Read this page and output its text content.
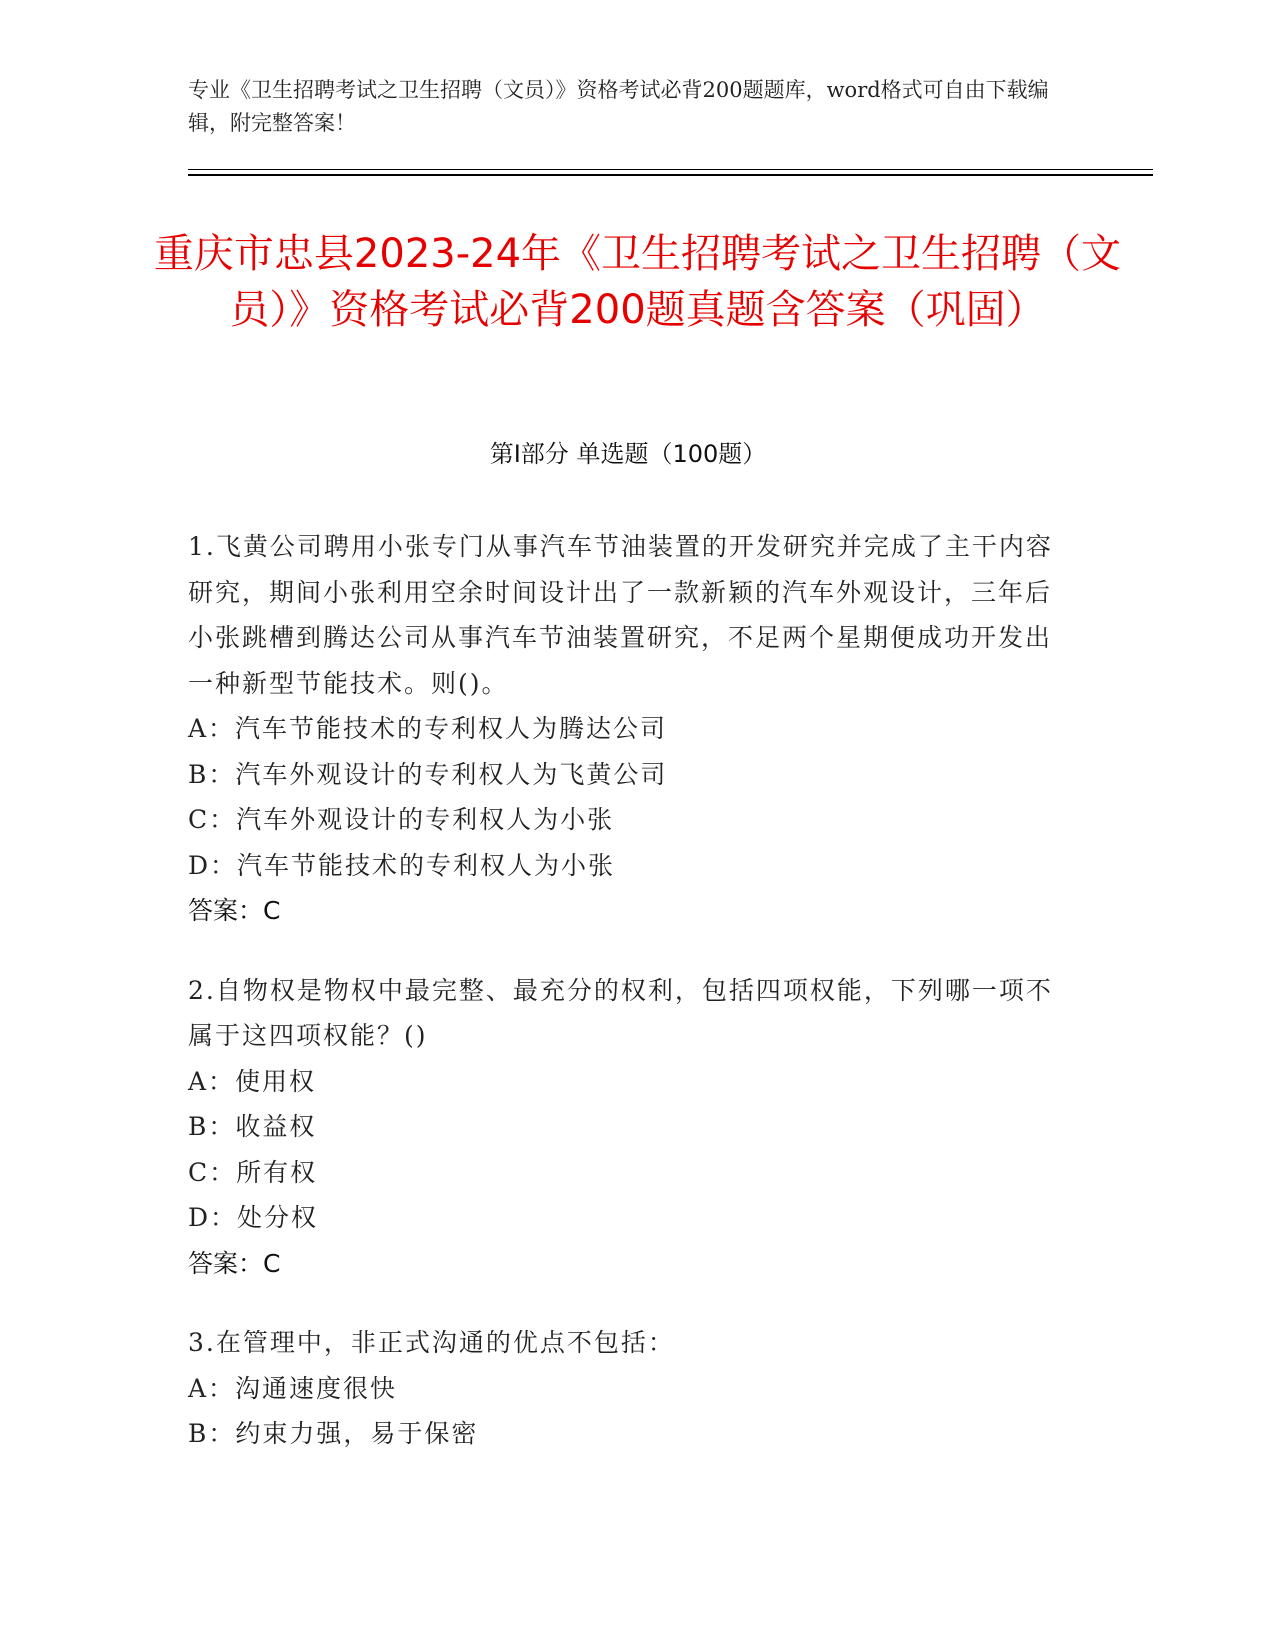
专业《卫生招聘考试之卫生招聘（文员）》资格考试必背200题题库，word格式可自由下载编辑，附完整答案！
重庆市忠县2023-24年《卫生招聘考试之卫生招聘（文员）》资格考试必背200题真题含答案（巩固）
第I部分 单选题（100题）

1.飞黄公司聘用小张专门从事汽车节油装置的开发研究并完成了主干内容研究，期间小张利用空余时间设计出了一款新颖的汽车外观设计，三年后小张跳槽到腾达公司从事汽车节油装置研究，不足两个星期便成功开发出一种新型节能技术。则()。

A：汽车节能技术的专利权人为腾达公司

B：汽车外观设计的专利权人为飞黄公司

C：汽车外观设计的专利权人为小张

D：汽车节能技术的专利权人为小张

答案：C

2.自物权是物权中最完整、最充分的权利，包括四项权能，下列哪一项不属于这四项权能？()

A：使用权

B：收益权

C：所有权

D：处分权

答案：C

3.在管理中，非正式沟通的优点不包括：

A：沟通速度很快

B：约束力强，易于保密
